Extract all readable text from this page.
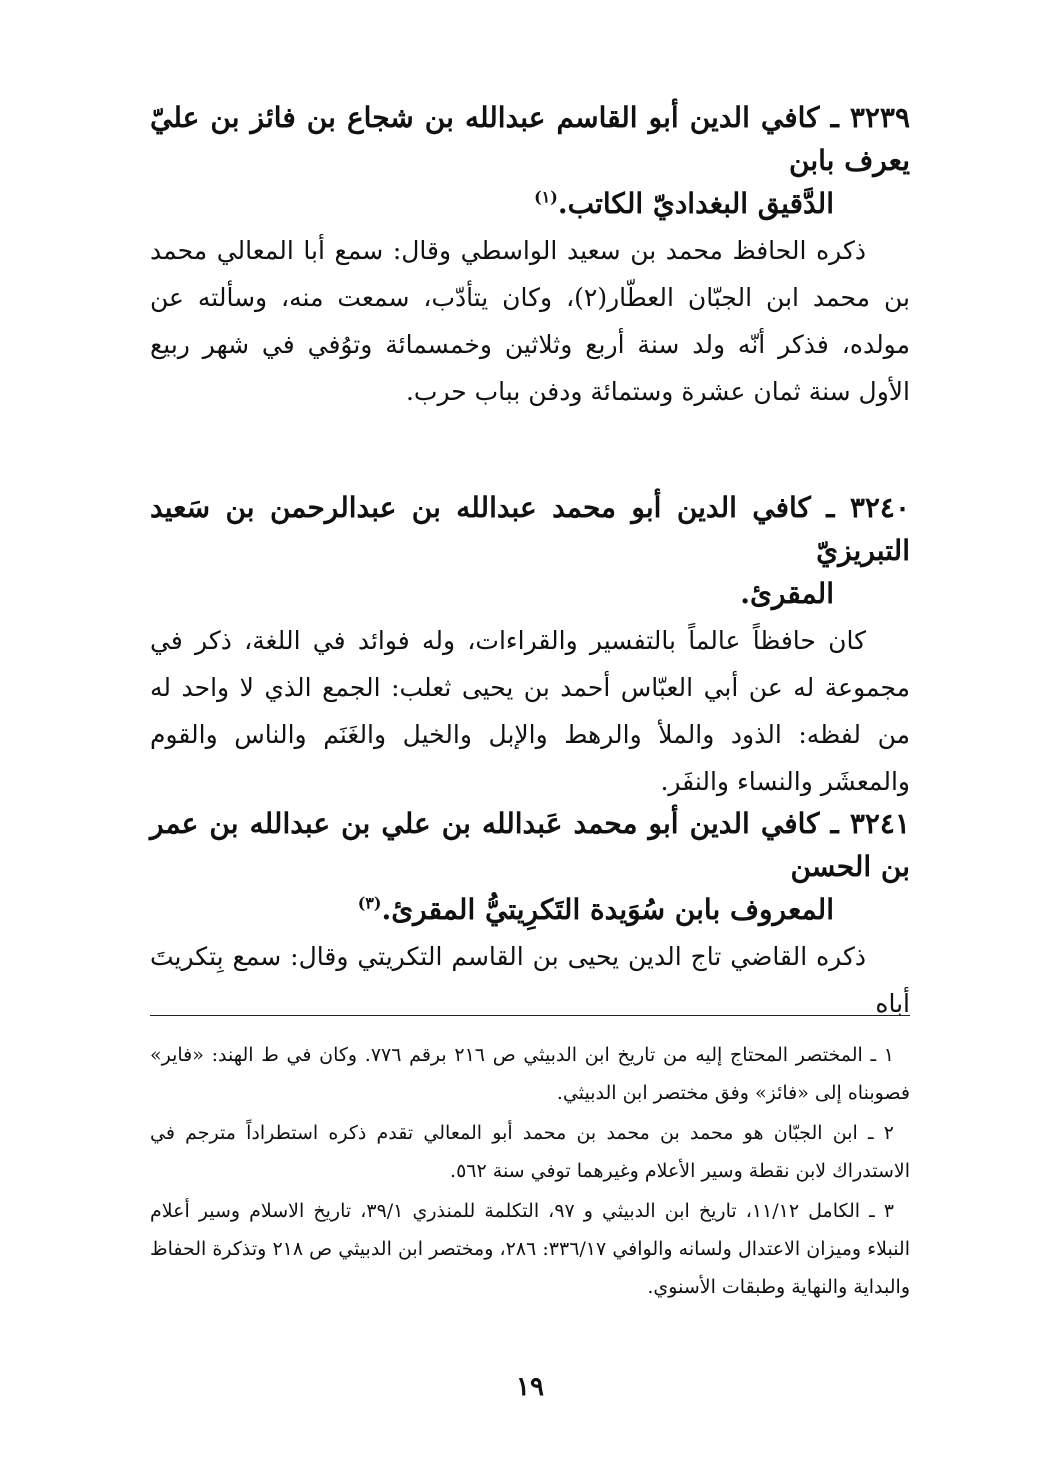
٣٢٣٩ ـ كافي الدين أبو القاسم عبدالله بن شجاع بن فائز بن عليّ يعرف بابن
الدَّقيق البغداديّ الكاتب.$^{(١)}$

ذكره الحافظ محمد بن سعيد الواسطي وقال: سمع أبا المعالي محمد بن محمد ابن الجبّان العطّار(٢)، وكان يتأدّب، سمعت منه، وسألته عن مولده، فذكر أنّه ولد سنة أربع وثلاثين وخمسمائة وتوُفي في شهر ربيع الأول سنة ثمان عشرة وستمائة ودفن بباب حرب.

٣٢٤٠ ـ كافي الدين أبو محمد عبدالله بن عبدالرحمن بن سَعيد التبريزيّ
المقرئ.

كان حافظاً عالماً بالتفسير والقراءات، وله فوائد في اللغة، ذكر في مجموعة له عن أبي العبّاس أحمد بن يحيى ثعلب: الجمع الذي لا واحد له من لفظه: الذود والملأ والرهط والإبل والخيل والغَنَم والناس والقوم والمعشَر والنساء والنفَر.

٣٢٤١ ـ كافي الدين أبو محمد عَبدالله بن علي بن عبدالله بن عمر بن الحسن
المعروف بابن سُوَيدة التَكرِيتيُّ المقرئ.$^{(٣)}$

ذكره القاضي تاج الدين يحيى بن القاسم التكريتي وقال: سمع بِتكريتَ أباه

١ ـ المختصر المحتاج إليه من تاريخ ابن الدبيثي ص ٢١٦ برقم ٧٧٦. وكان في ط الهند: «فاير» فصوبناه إلى «فائز» وفق مختصر ابن الدبيثي.

٢ ـ ابن الجبّان هو محمد بن محمد بن محمد أبو المعالي تقدم ذكره استطراداً مترجم في الاستدراك لابن نقطة وسير الأعلام وغيرهما توفي سنة ٥٦٢.

٣ ـ الكامل ١١/١٢، تاريخ ابن الدبيثي و ٩٧، التكلمة للمنذري ٣٩/١، تاريخ الاسلام وسير أعلام النبلاء وميزان الاعتدال ولسانه والوافي ٣٣٦/١٧: ٢٨٦، ومختصر ابن الدبيثي ص ٢١٨ وتذكرة الحفاظ والبداية والنهاية وطبقات الأسنوي.

١٩
